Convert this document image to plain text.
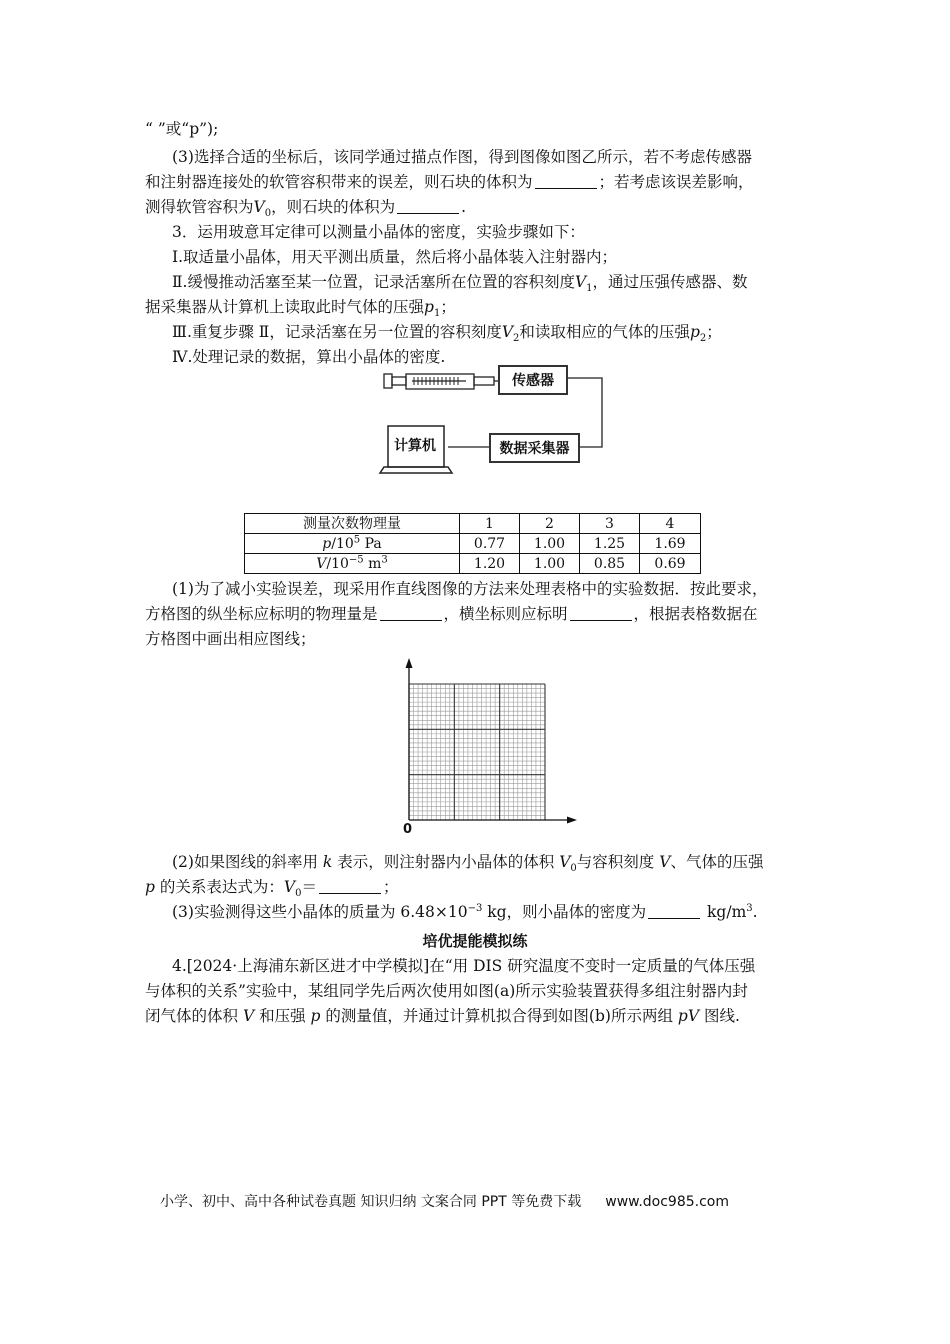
“ ”或“p”);
(3)选择合适的坐标后，该同学通过描点作图，得到图像如图乙所示，若不考虑传感器
和注射器连接处的软管容积带来的误差，则石块的体积为	；若考虑该误差影响，
测得软管容积为$V_0$，则石块的体积为	.
3．运用玻意耳定律可以测量小晶体的密度，实验步骤如下：
Ⅰ.取适量小晶体，用天平测出质量，然后将小晶体装入注射器内；
Ⅱ.缓慢推动活塞至某一位置，记录活塞所在位置的容积刻度$V_1$，通过压强传感器、数
据采集器从计算机上读取此时气体的压强$p_1$；
Ⅲ.重复步骤 Ⅱ，记录活塞在另一位置的容积刻度$V_2$和读取相应的气体的压强$p_2$；
Ⅳ.处理记录的数据，算出小晶体的密度.
传感器
计算机	数据采集器
测量次数物理量	1	2	3	4
$p/10^5$ Pa	0.77	1.00	1.25	1.69
$V/10^{-5}$ $m^3$	1.20	1.00	0.85	0.69
(1)为了减小实验误差，现采用作直线图像的方法来处理表格中的实验数据．按此要求，
方格图的纵坐标应标明的物理量是	，横坐标则应标明	，根据表格数据在
方格图中画出相应图线；
0
(2)如果图线的斜率用 k 表示，则注射器内小晶体的体积 $V_0$与容积刻度 V、气体的压强
p 的关系表达式为：$V_0=$	；
(3)实验测得这些小晶体的质量为 $6.48\times 10^{-3}$ kg，则小晶体的密度为	$kg/m^3$.
培优提能模拟练
4.[2024·上海浦东新区进才中学模拟]在“用 DIS 研究温度不变时一定质量的气体压强
与体积的关系”实验中，某组同学先后两次使用如图(a)所示实验装置获得多组注射器内封
闭气体的体积 V 和压强 p 的测量值，并通过计算机拟合得到如图(b)所示两组 pV 图线.
小学、初中、高中各种试卷真题 知识归纳 文案合同 PPT 等免费下载 www.doc985.com
